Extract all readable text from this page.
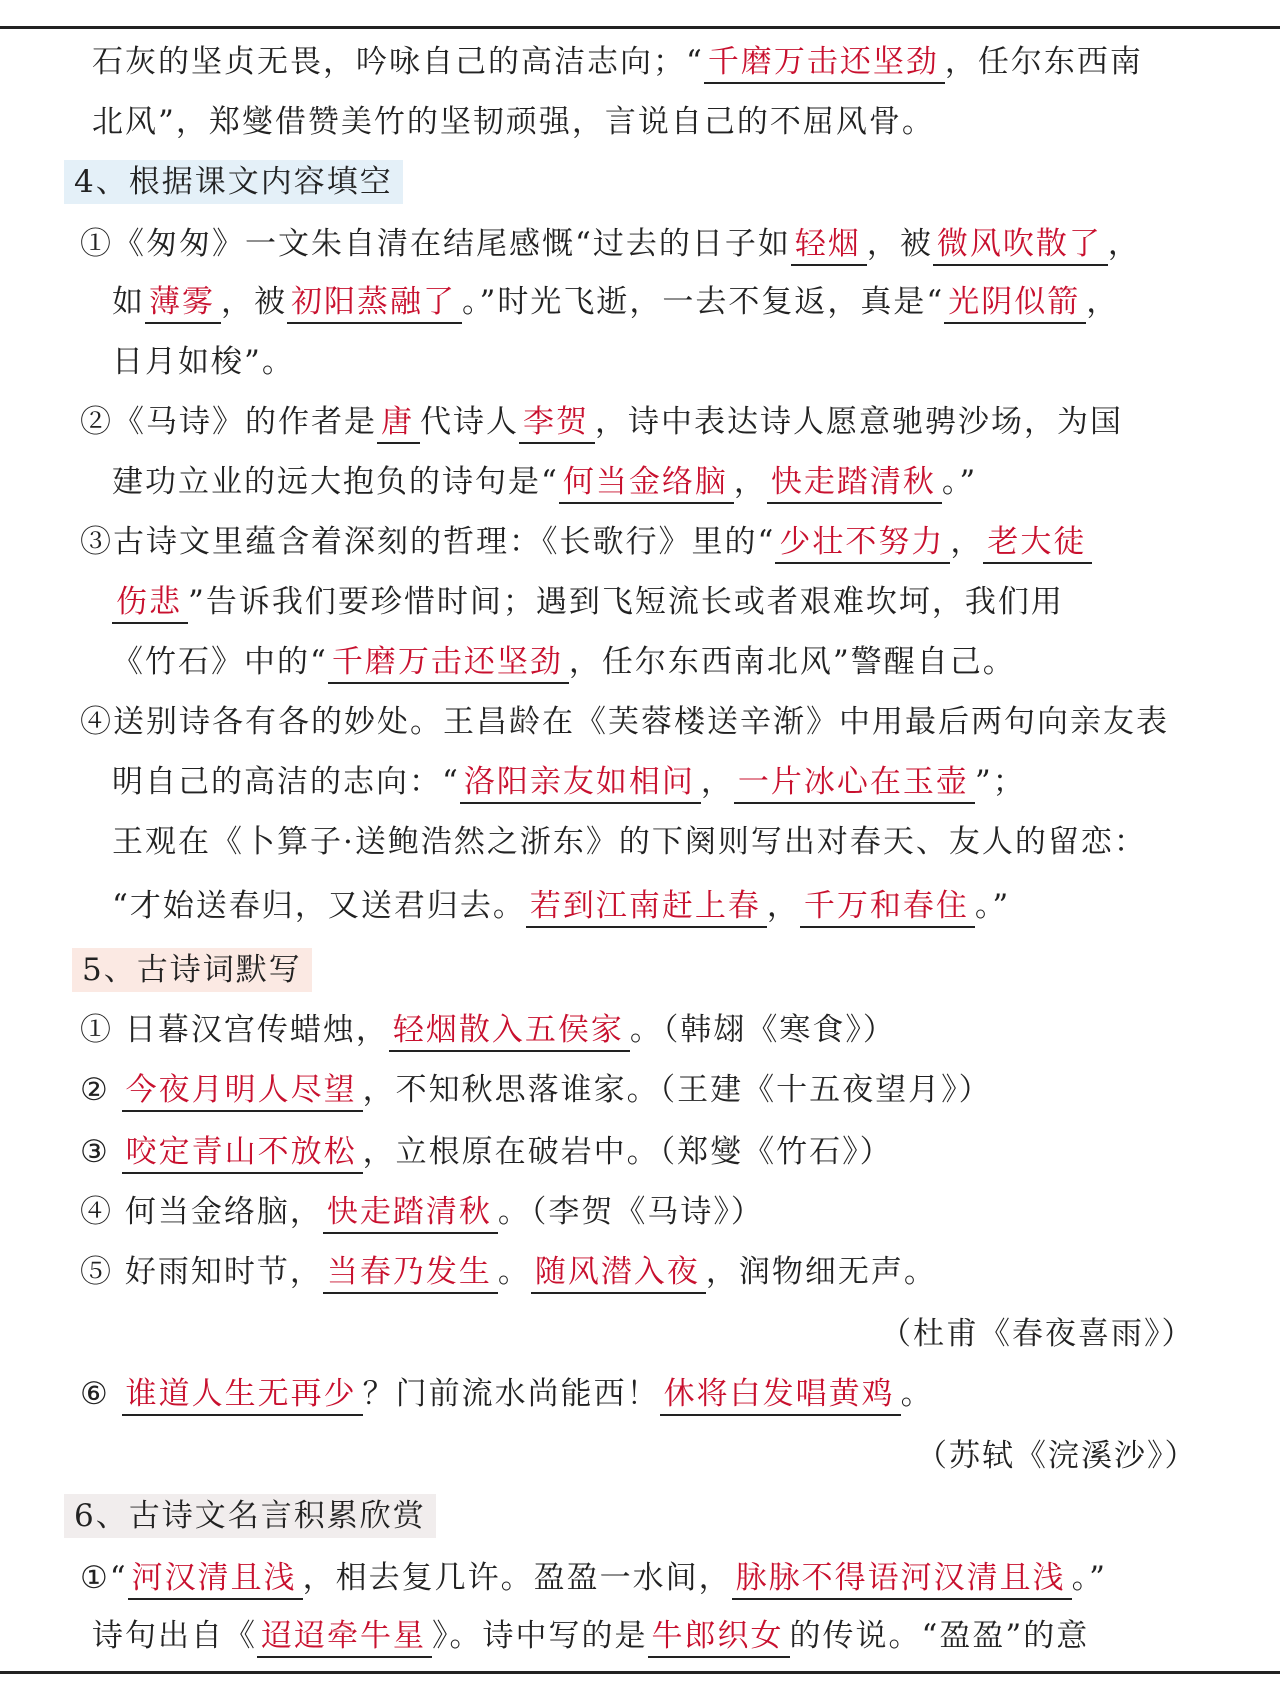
石灰的坚贞无畏，吟咏自己的高洁志向；“ 千磨万击还坚劲 ，任尔东西南
北风”，郑燮借赞美竹的坚韧顽强，言说自己的不屈风骨。
4、根据课文内容填空
①《匆匆》一文朱自清在结尾感慨“过去的日子如 轻烟 ，被 微风吹散了 ，
如 薄雾 ，被 初阳蒸融了 。”时光飞逝，一去不复返，真是“ 光阴似箭 ，
日月如梭”。
②《马诗》的作者是 唐 代诗人 李贺 ，诗中表达诗人愿意驰骋沙场，为国
建功立业的远大抱负的诗句是“ 何当金络脑 ， 快走踏清秋 。”
③古诗文里蕴含着深刻的哲理：《长歌行》里的“ 少壮不努力 ， 老大徒
伤悲 ”告诉我们要珍惜时间；遇到飞短流长或者艰难坎坷，我们用
《竹石》中的“ 千磨万击还坚劲 ，任尔东西南北风”警醒自己。
④送别诗各有各的妙处。王昌龄在《芙蓉楼送辛渐》中用最后两句向亲友表
明自己的高洁的志向：“ 洛阳亲友如相问 ， 一片冰心在玉壶 ”；
王观在《卜算子·送鲍浩然之浙东》的下阕则写出对春天、友人的留恋：
“才始送春归，又送君归去。 若到江南赶上春 ， 千万和春住 。”
5、古诗词默写
① 日暮汉宫传蜡烛， 轻烟散入五侯家 。（韩翃《寒食》）
② 今夜月明人尽望 ，不知秋思落谁家。（王建《十五夜望月》）
③ 咬定青山不放松 ，立根原在破岩中。（郑燮《竹石》）
④ 何当金络脑， 快走踏清秋 。（李贺《马诗》）
⑤ 好雨知时节， 当春乃发生 。 随风潜入夜 ，润物细无声。
（杜甫《春夜喜雨》）
⑥ 谁道人生无再少 ？门前流水尚能西！ 休将白发唱黄鸡 。
（苏轼《浣溪沙》）
6、古诗文名言积累欣赏
①“ 河汉清且浅 ，相去复几许。盈盈一水间， 脉脉不得语河汉清且浅 。”
诗句出自《 迢迢牵牛星 》。诗中写的是 牛郎织女 的传说。“盈盈”的意
